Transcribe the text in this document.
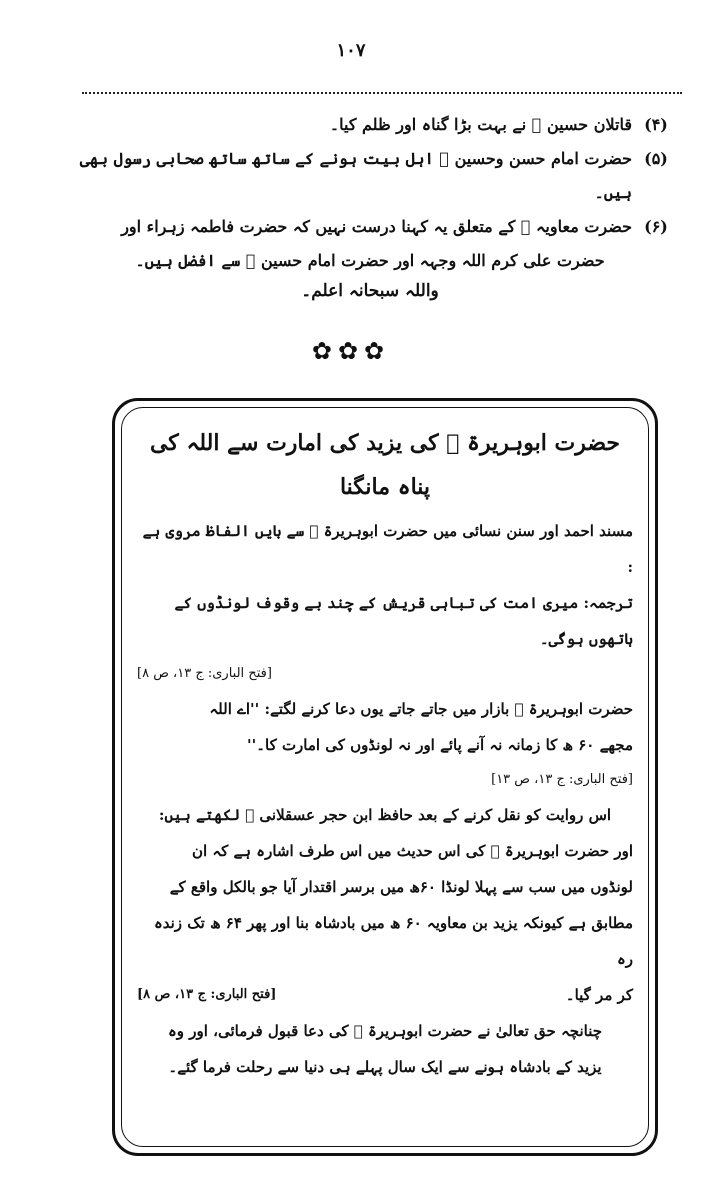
۱۰۷
(۴)
قاتلان حسین ﷜ نے بہت بڑا گناہ اور ظلم کیا۔
(۵)
حضرت امام حسن وحسین ﷜ اہل بیت ہونے کے ساتھ ساتھ صحابی رسول بھی ہیں۔
(۶)
حضرت معاویہ ﷜ کے متعلق یہ کہنا درست نہیں کہ حضرت فاطمہ زہراء اور
حضرت علی کرم اللہ وجہہ اور حضرت امام حسین ﷜ سے افضل ہیں۔
واللہ سبحانہ اعلم۔
✿✿✿
حضرت ابوہریرۃ ﷜ کی یزید کی امارت سے اللہ کی پناہ مانگنا
مسند احمد اور سنن نسائی میں حضرت ابوہریرۃ ﷜ سے بایں الفاظ مروی ہے :
ترجمہ: میری امت کی تباہی قریش کے چند بے وقوف لونڈوں کے ہاتھوں ہوگی۔
[فتح الباری: ج ۱۳، ص ۸]
حضرت ابوہریرۃ ﷜ بازار میں جاتے جاتے یوں دعا کرنے لگتے: ''اے اللہ
مجھے ۶۰ ھ کا زمانہ نہ آنے پائے اور نہ لونڈوں کی امارت کا۔''
[فتح الباری: ج ۱۳، ص ۱۳]
اس روایت کو نقل کرنے کے بعد حافظ ابن حجر عسقلانی ﷫ لکھتے ہیں:
اور حضرت ابوہریرۃ ﷜ کی اس حدیث میں اس طرف اشارہ ہے کہ ان
لونڈوں میں سب سے پہلا لونڈا ۶۰ھ میں برسر اقتدار آیا جو بالکل واقع کے
مطابق ہے کیونکہ یزید بن معاویہ ۶۰ ھ میں بادشاہ بنا اور پھر ۶۴ ھ تک زندہ رہ
کر مر گیا۔
[فتح الباری: ج ۱۳، ص ۸]
چنانچہ حق تعالیٰ نے حضرت ابوہریرۃ ﷜ کی دعا قبول فرمائی، اور وہ
یزید کے بادشاہ ہونے سے ایک سال پہلے ہی دنیا سے رحلت فرما گئے۔
